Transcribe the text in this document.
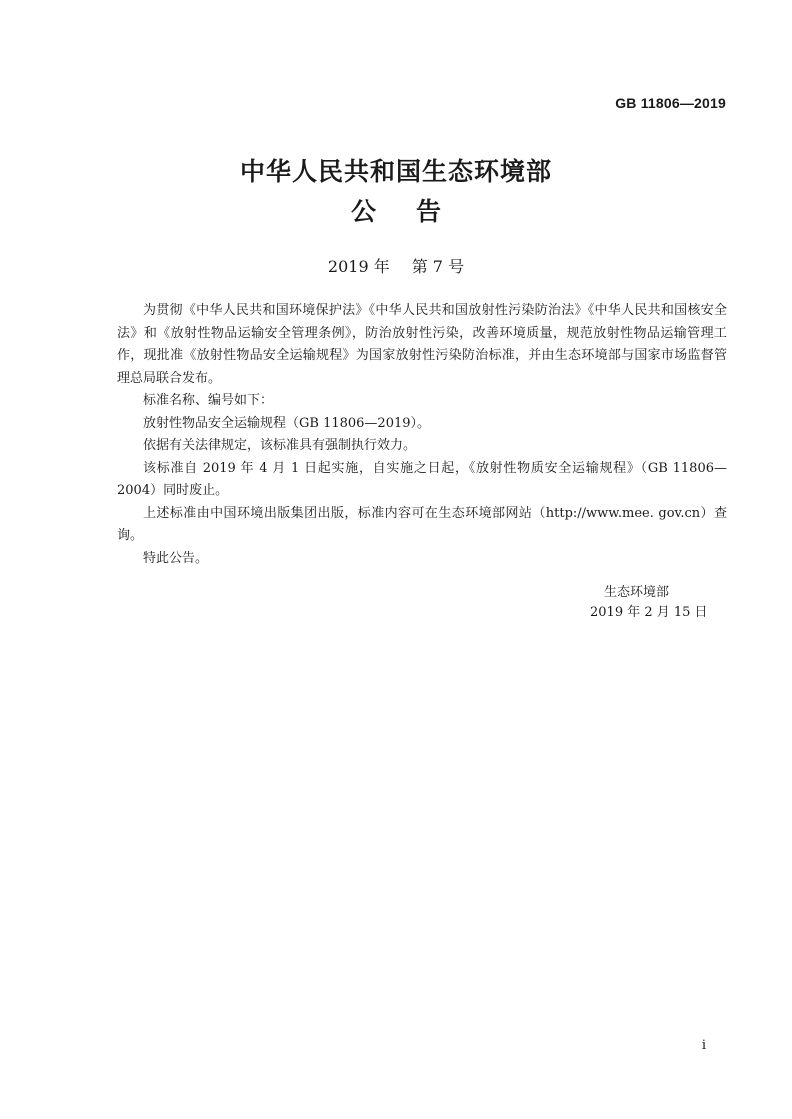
GB 11806—2019
中华人民共和国生态环境部
公告
2019 年 第 7 号

为贯彻《中华人民共和国环境保护法》《中华人民共和国放射性污染防治法》《中华人民共和国核安全法》和《放射性物品运输安全管理条例》，防治放射性污染，改善环境质量，规范放射性物品运输管理工作，现批准《放射性物品安全运输规程》为国家放射性污染防治标准，并由生态环境部与国家市场监督管理总局联合发布。

标准名称、编号如下：

放射性物品安全运输规程（GB 11806—2019）。

依据有关法律规定，该标准具有强制执行效力。

该标准自 2019 年 4 月 1 日起实施，自实施之日起，《放射性物质安全运输规程》（GB 11806—2004）同时废止。

上述标准由中国环境出版集团出版，标准内容可在生态环境部网站（http://www.mee. gov.cn）查询。

特此公告。

生态环境部
2019 年 2 月 15 日
i
